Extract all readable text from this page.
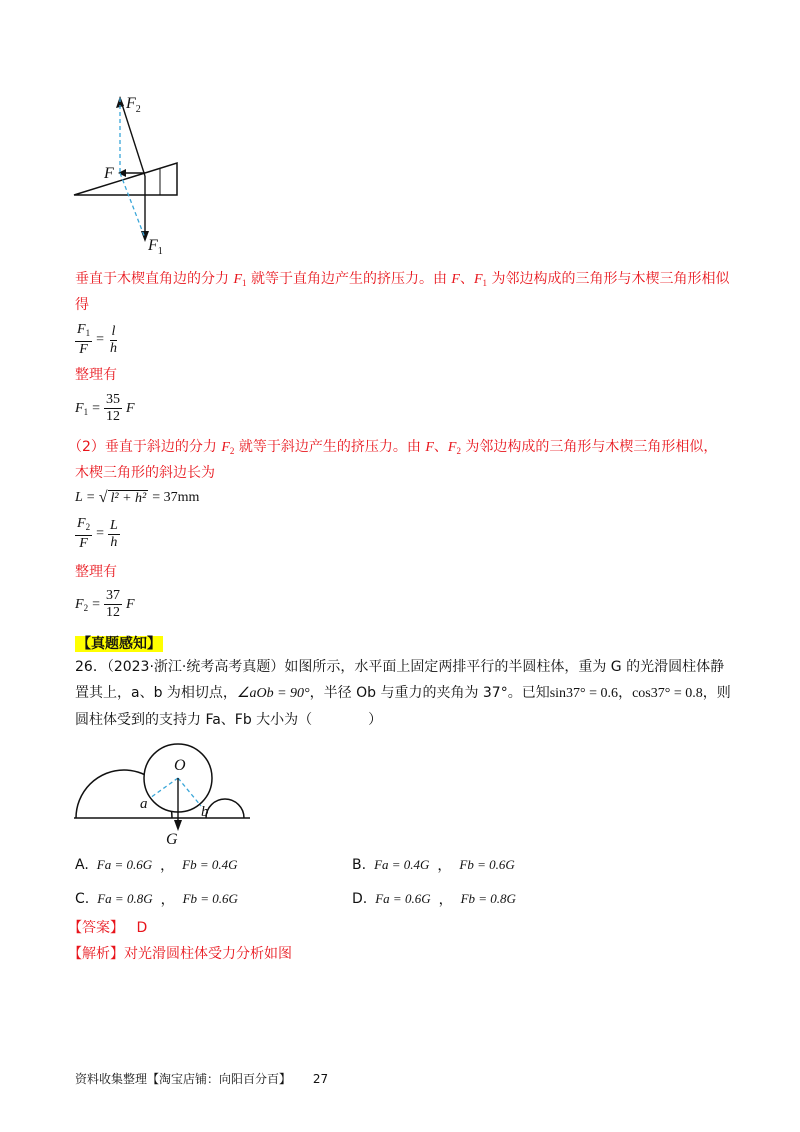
$F_2$
F
$F_1$
垂直于木楔直角边的分力 $F_1$ 就等于直角边产生的挤压力。由 F、$F_1$ 为邻边构成的三角形与木楔三角形相似
得
$\frac{F_1}{F} = \frac{l}{h}$
整理有
$F_1 = \frac{35}{12}$ F
（2）垂直于斜边的分力 $F_2$ 就等于斜边产生的挤压力。由 F、$F_2$ 为邻边构成的三角形与木楔三角形相似，
木楔三角形的斜边长为
L = √ l² + h² = 37mm
$\frac{F_2}{F} = \frac{L}{h}$
整理有
$F_2 = \frac{37}{12}$ F
【真题感知】
26．（2023·浙江·统考高考真题）如图所示，水平面上固定两排平行的半圆柱体，重为 G 的光滑圆柱体静
置其上，a、b 为相切点，∠aOb = 90°，半径 Ob 与重力的夹角为 37°。已知sin37° = 0.6，cos37° = 0.8，则
圆柱体受到的支持力 Fa、Fb 大小为（　　　　）
O
a	b
G
A. Fa = 0.6G ， Fb = 0.4G	B. Fa = 0.4G ， Fb = 0.6G
C. Fa = 0.8G ， Fb = 0.6G	D. Fa = 0.6G ， Fb = 0.8G
【答案】 D
【解析】对光滑圆柱体受力分析如图
资料收集整理【淘宝店铺：向阳百分百】 27
